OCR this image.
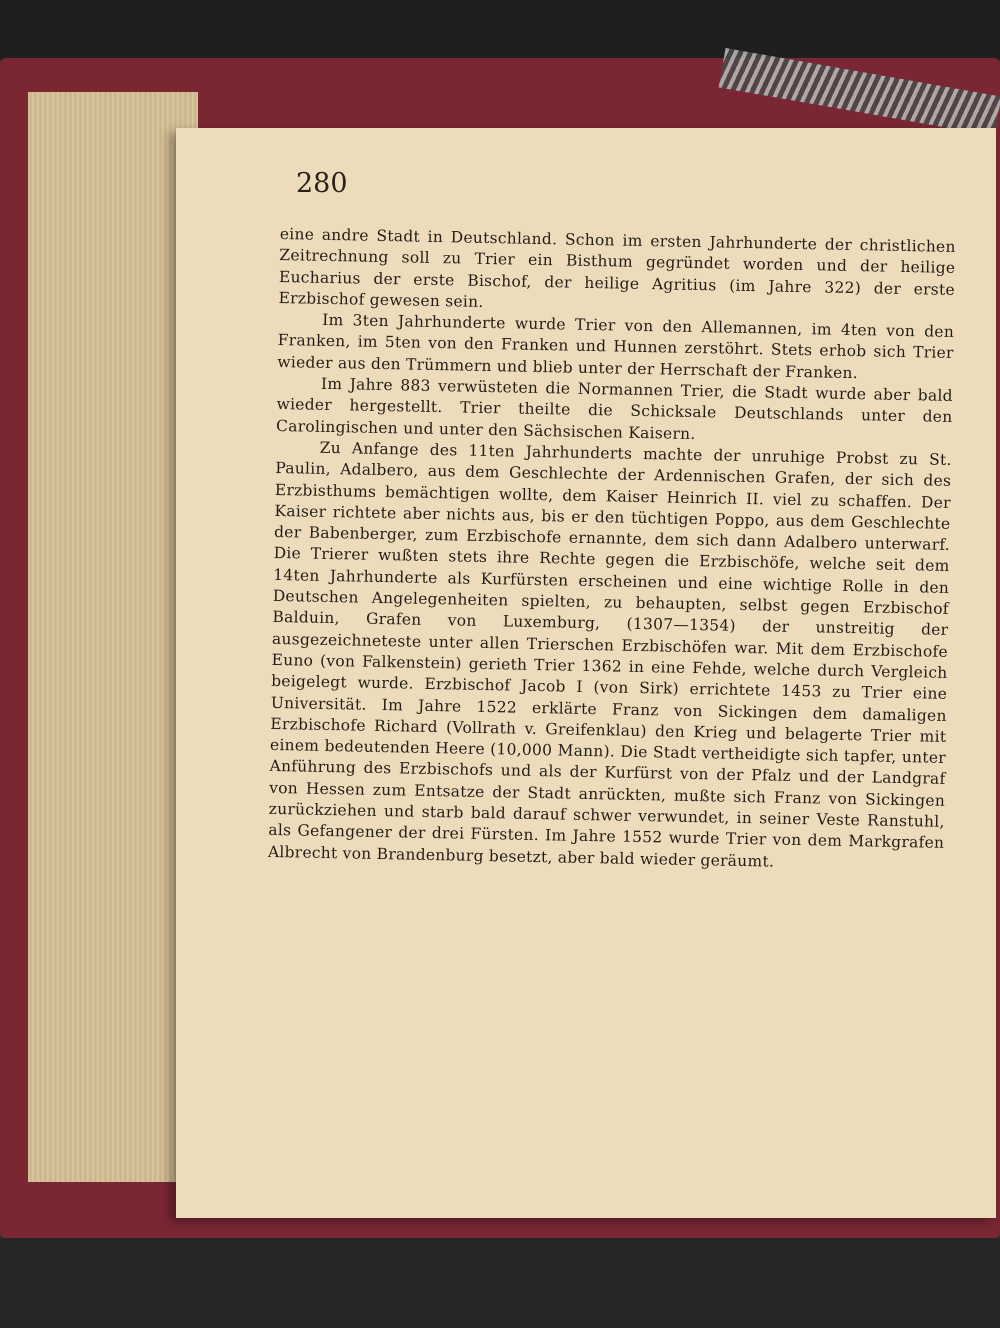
280

eine andre Stadt in Deutschland. Schon im ersten Jahrhunderte der christlichen Zeitrechnung soll zu Trier ein Bisthum gegründet worden und der heilige Eucharius der erste Bischof, der heilige Agritius (im Jahre 322) der erste Erzbischof gewesen sein.

Im 3ten Jahrhunderte wurde Trier von den Allemannen, im 4ten von den Franken, im 5ten von den Franken und Hunnen zerstöhrt. Stets erhob sich Trier wieder aus den Trümmern und blieb unter der Herrschaft der Franken.

Im Jahre 883 verwüsteten die Normannen Trier, die Stadt wurde aber bald wieder hergestellt. Trier theilte die Schicksale Deutschlands unter den Carolingischen und unter den Sächsischen Kaisern.

Zu Anfange des 11ten Jahrhunderts machte der unruhige Probst zu St. Paulin, Adalbero, aus dem Geschlechte der Ardennischen Grafen, der sich des Erzbisthums bemächtigen wollte, dem Kaiser Heinrich II. viel zu schaffen. Der Kaiser richtete aber nichts aus, bis er den tüchtigen Poppo, aus dem Geschlechte der Babenberger, zum Erzbischofe ernannte, dem sich dann Adalbero unterwarf. Die Trierer wußten stets ihre Rechte gegen die Erzbischöfe, welche seit dem 14ten Jahrhunderte als Kurfürsten erscheinen und eine wichtige Rolle in den Deutschen Angelegenheiten spielten, zu behaupten, selbst gegen Erzbischof Balduin, Grafen von Luxemburg, (1307—1354) der unstreitig der ausgezeichneteste unter allen Trierschen Erzbischöfen war. Mit dem Erzbischofe Euno (von Falkenstein) gerieth Trier 1362 in eine Fehde, welche durch Vergleich beigelegt wurde. Erzbischof Jacob I (von Sirk) errichtete 1453 zu Trier eine Universität. Im Jahre 1522 erklärte Franz von Sickingen dem damaligen Erzbischofe Richard (Vollrath v. Greifenklau) den Krieg und belagerte Trier mit einem bedeutenden Heere (10,000 Mann). Die Stadt vertheidigte sich tapfer, unter Anführung des Erzbischofs und als der Kurfürst von der Pfalz und der Landgraf von Hessen zum Entsatze der Stadt anrückten, mußte sich Franz von Sickingen zurückziehen und starb bald darauf schwer verwundet, in seiner Veste Ranstuhl, als Gefangener der drei Fürsten. Im Jahre 1552 wurde Trier von dem Markgrafen Albrecht von Brandenburg besetzt, aber bald wieder geräumt.
